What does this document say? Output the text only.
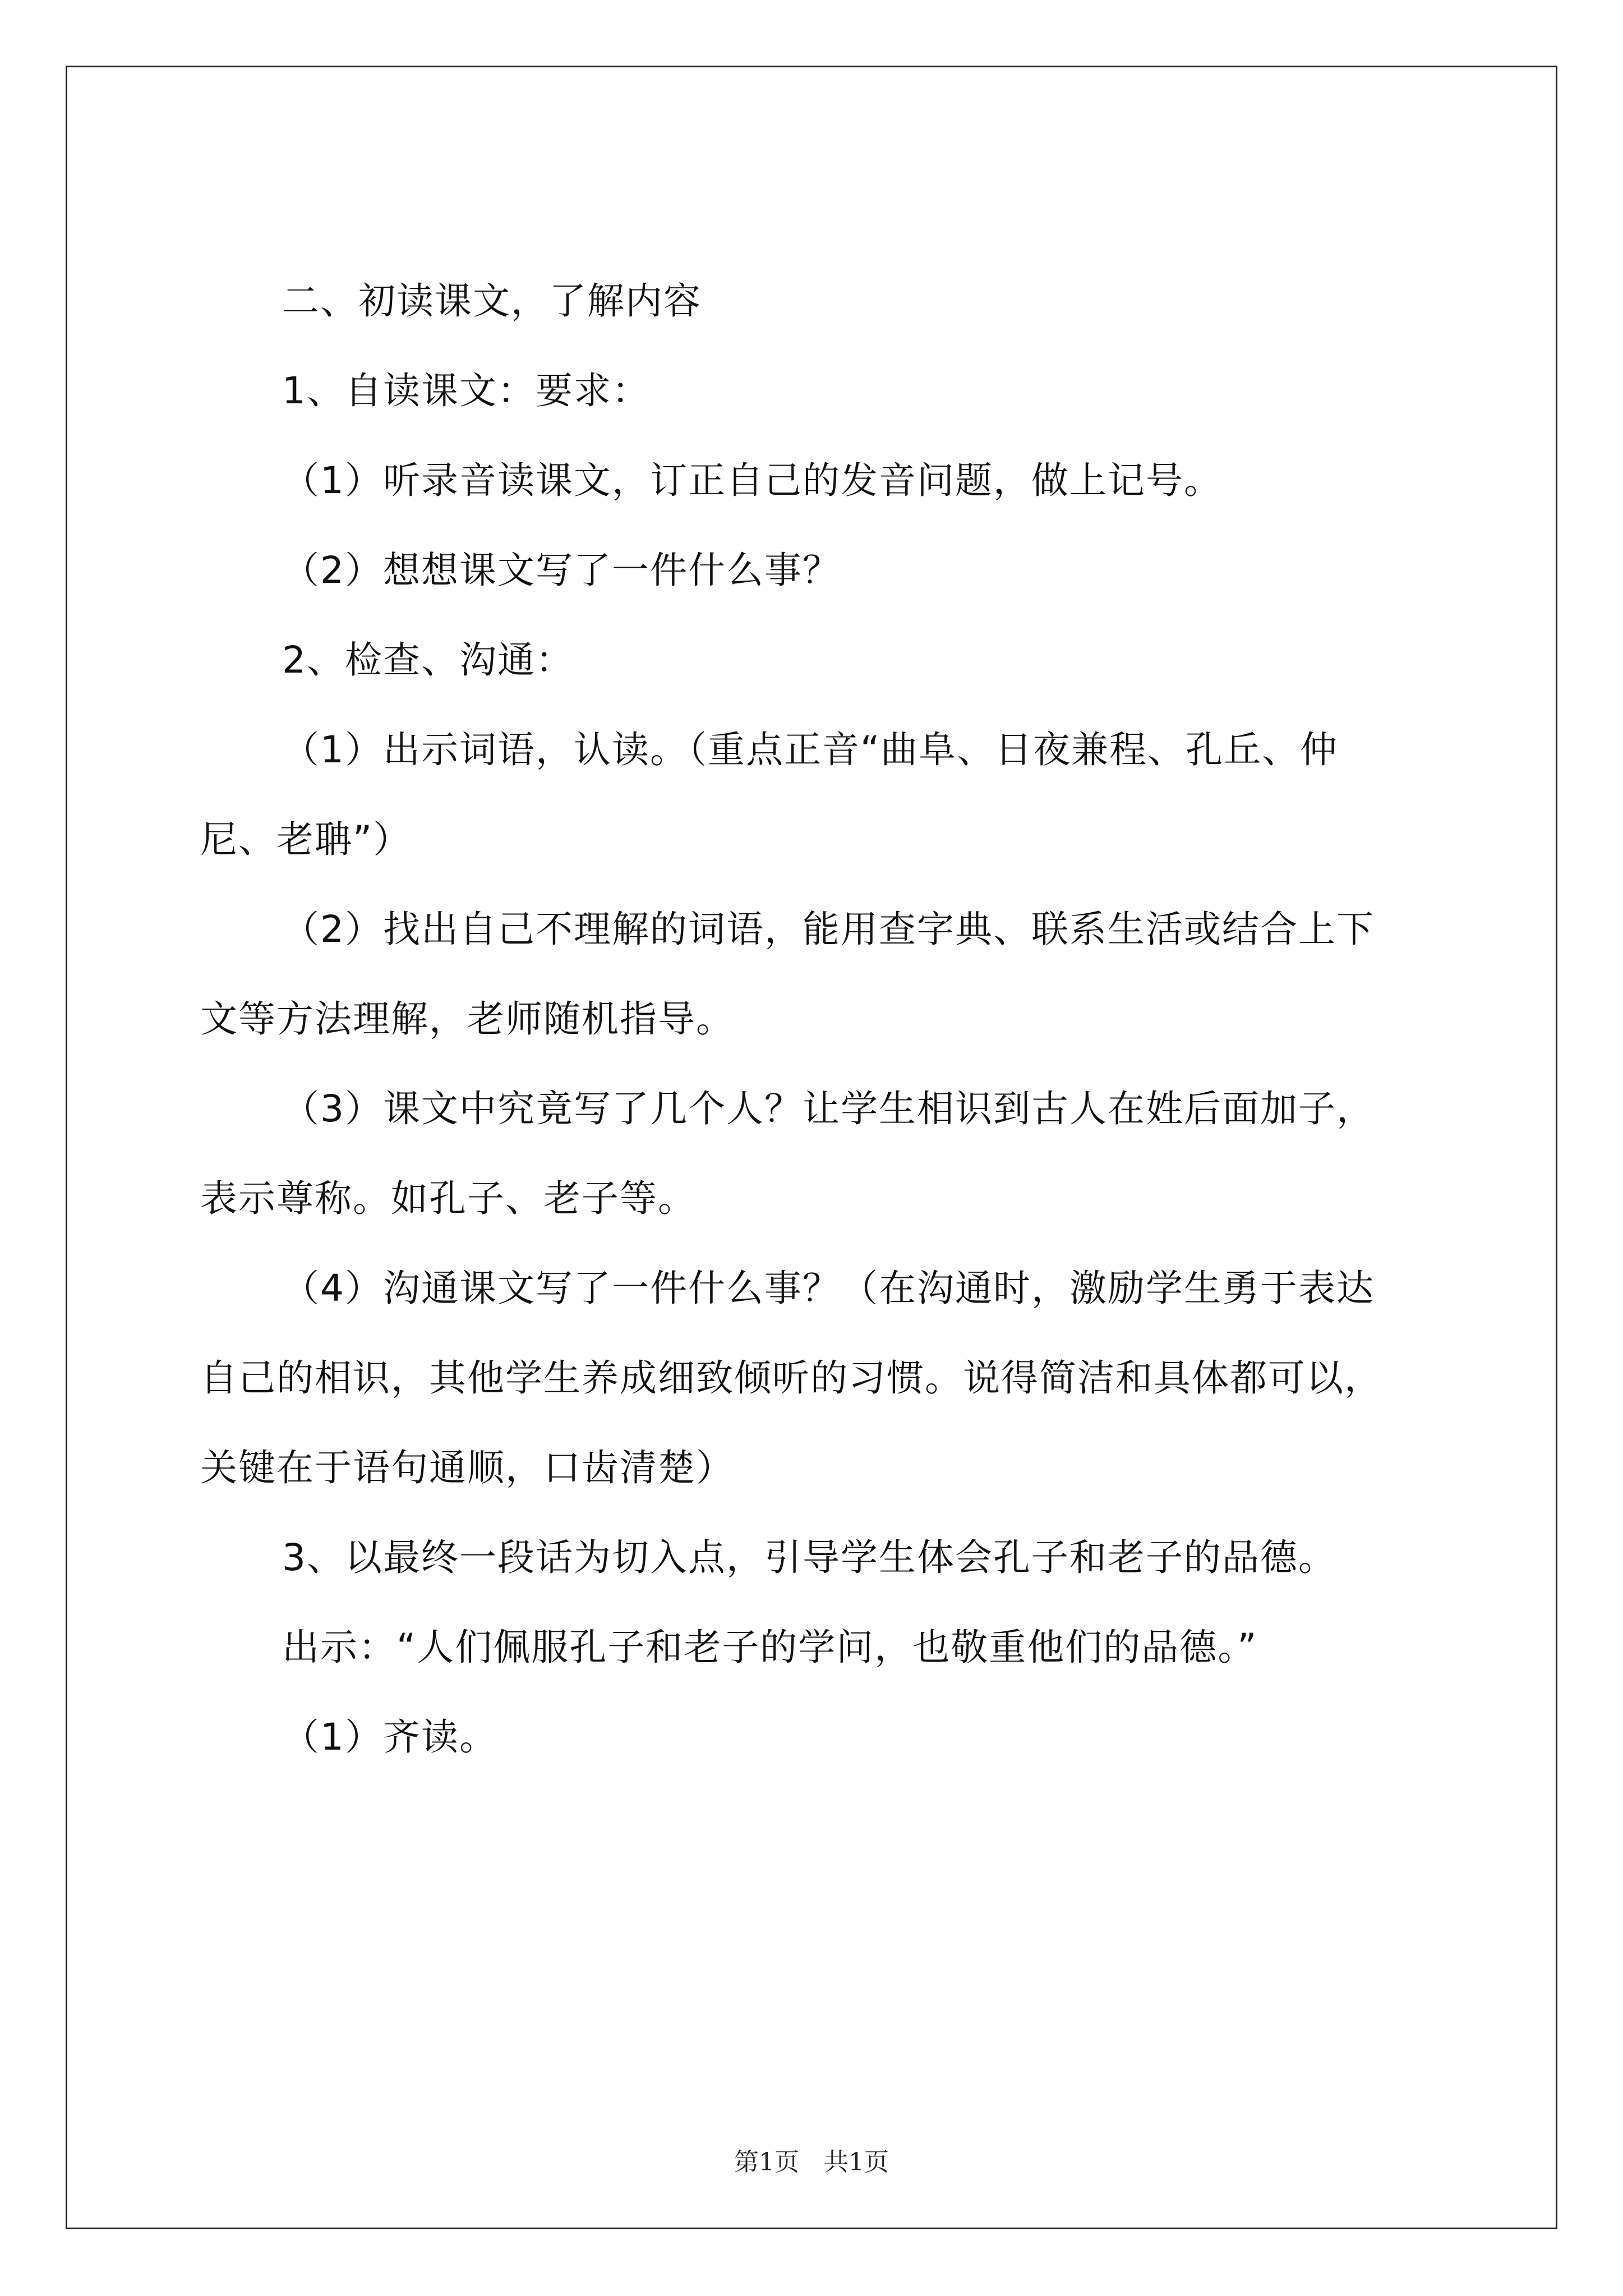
二、初读课文，了解内容
1、自读课文：要求：
（1）听录音读课文，订正自己的发音问题，做上记号。
（2）想想课文写了一件什么事？
2、检查、沟通：
（1）出示词语，认读。（重点正音“曲阜、日夜兼程、孔丘、仲
尼、老聃”）
（2）找出自己不理解的词语，能用查字典、联系生活或结合上下
文等方法理解，老师随机指导。
（3）课文中究竟写了几个人？让学生相识到古人在姓后面加子，
表示尊称。如孔子、老子等。
（4）沟通课文写了一件什么事？（在沟通时，激励学生勇于表达
自己的相识，其他学生养成细致倾听的习惯。说得简洁和具体都可以，
关键在于语句通顺，口齿清楚）
3、以最终一段话为切入点，引导学生体会孔子和老子的品德。
出示：“人们佩服孔子和老子的学问，也敬重他们的品德。”
（1）齐读。
第1页　共1页
